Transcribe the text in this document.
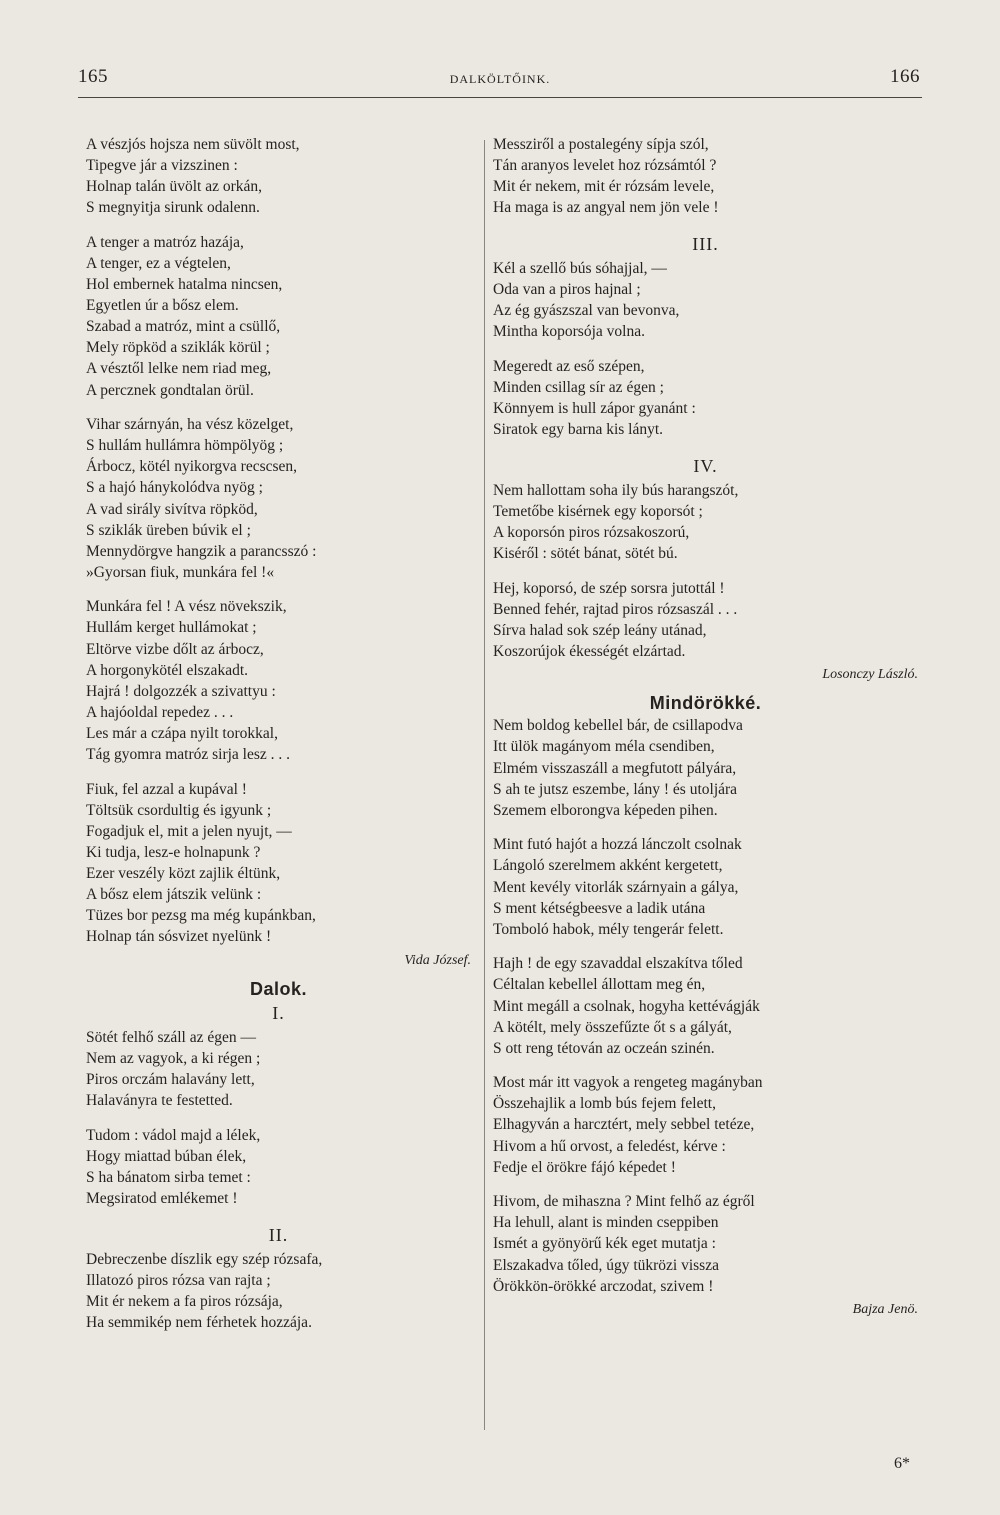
165	DALKÖLTŐINK.	166
A vészjós hojsza nem süvölt most,
Tipegve jár a vizszinen :
Holnap talán üvölt az orkán,
S megnyitja sirunk odalenn.
A tenger a matróz hazája,
A tenger, ez a végtelen,
Hol embernek hatalma nincsen,
Egyetlen úr a bősz elem.
Szabad a matróz, mint a csüllő,
Mely röpköd a sziklák körül ;
A vésztől lelke nem riad meg,
A percznek gondtalan örül.
Vihar szárnyán, ha vész közelget,
S hullám hullámra hömpölyög ;
Árbocz, kötél nyikorgva recscsen,
S a hajó hánykolódva nyög ;
A vad sirály sivítva röpköd,
S sziklák üreben búvik el ;
Mennydörgve hangzik a parancsszó :
»Gyorsan fiuk, munkára fel !«
Munkára fel ! A vész növekszik,
Hullám kerget hullámokat ;
Eltörve vizbe dőlt az árbocz,
A horgonykötél elszakadt.
Hajrá ! dolgozzék a szivattyu :
A hajóoldal repedez . . .
Les már a czápa nyilt torokkal,
Tág gyomra matróz sirja lesz . . .
Fiuk, fel azzal a kupával !
Töltsük csordultig és igyunk ;
Fogadjuk el, mit a jelen nyujt, —
Ki tudja, lesz-e holnapunk ?
Ezer veszély közt zajlik éltünk,
A bősz elem játszik velünk :
Tüzes bor pezsg ma még kupánkban,
Holnap tán sósvizet nyelünk !
Vida József.
Dalok.
I.
Sötét felhő száll az égen —
Nem az vagyok, a ki régen ;
Piros orczám halavány lett,
Halaványra te festetted.
Tudom : vádol majd a lélek,
Hogy miattad búban élek,
S ha bánatom sirba temet :
Megsiratod emlékemet !
II.
Debreczenbe díszlik egy szép rózsafa,
Illatozó piros rózsa van rajta ;
Mit ér nekem a fa piros rózsája,
Ha semmikép nem férhetek hozzája.
Messziről a postalegény sípja szól,
Tán aranyos levelet hoz rózsámtól ?
Mit ér nekem, mit ér rózsám levele,
Ha maga is az angyal nem jön vele !
III.
Kél a szellő bús sóhajjal, —
Oda van a piros hajnal ;
Az ég gyászszal van bevonva,
Mintha koporsója volna.
Megeredt az eső szépen,
Minden csillag sír az égen ;
Könnyem is hull zápor gyanánt :
Siratok egy barna kis lányt.
IV.
Nem hallottam soha ily bús harangszót,
Temetőbe kisérnek egy koporsót ;
A koporsón piros rózsakoszorú,
Kiséről : sötét bánat, sötét bú.
Hej, koporsó, de szép sorsra jutottál !
Benned fehér, rajtad piros rózsaszál . . .
Sírva halad sok szép leány utánad,
Koszorújok ékességét elzártad.
Losonczy László.
Mindörökké.
Nem boldog kebellel bár, de csillapodva
Itt ülök magányom méla csendiben,
Elmém visszaszáll a megfutott pályára,
S ah te jutsz eszembe, lány ! és utoljára
Szemem elborongva képeden pihen.
Mint futó hajót a hozzá lánczolt csolnak
Lángoló szerelmem akként kergetett,
Ment kevély vitorlák szárnyain a gálya,
S ment kétségbeesve a ladik utána
Tomboló habok, mély tengerár felett.
Hajh ! de egy szavaddal elszakítva tőled
Céltalan kebellel állottam meg én,
Mint megáll a csolnak, hogyha kettévágják
A kötélt, mely összefűzte őt s a gályát,
S ott reng tétován az oczeán szinén.
Most már itt vagyok a rengeteg magányban
Összehajlik a lomb bús fejem felett,
Elhagyván a harcztért, mely sebbel tetéze,
Hivom a hű orvost, a feledést, kérve :
Fedje el örökre fájó képedet !
Hivom, de mihaszna ? Mint felhő az égről
Ha lehull, alant is minden cseppiben
Ismét a gyönyörű kék eget mutatja :
Elszakadva tőled, úgy tükrözi vissza
Örökkön-örökké arczodat, szivem !
Bajza Jenö.
6*
